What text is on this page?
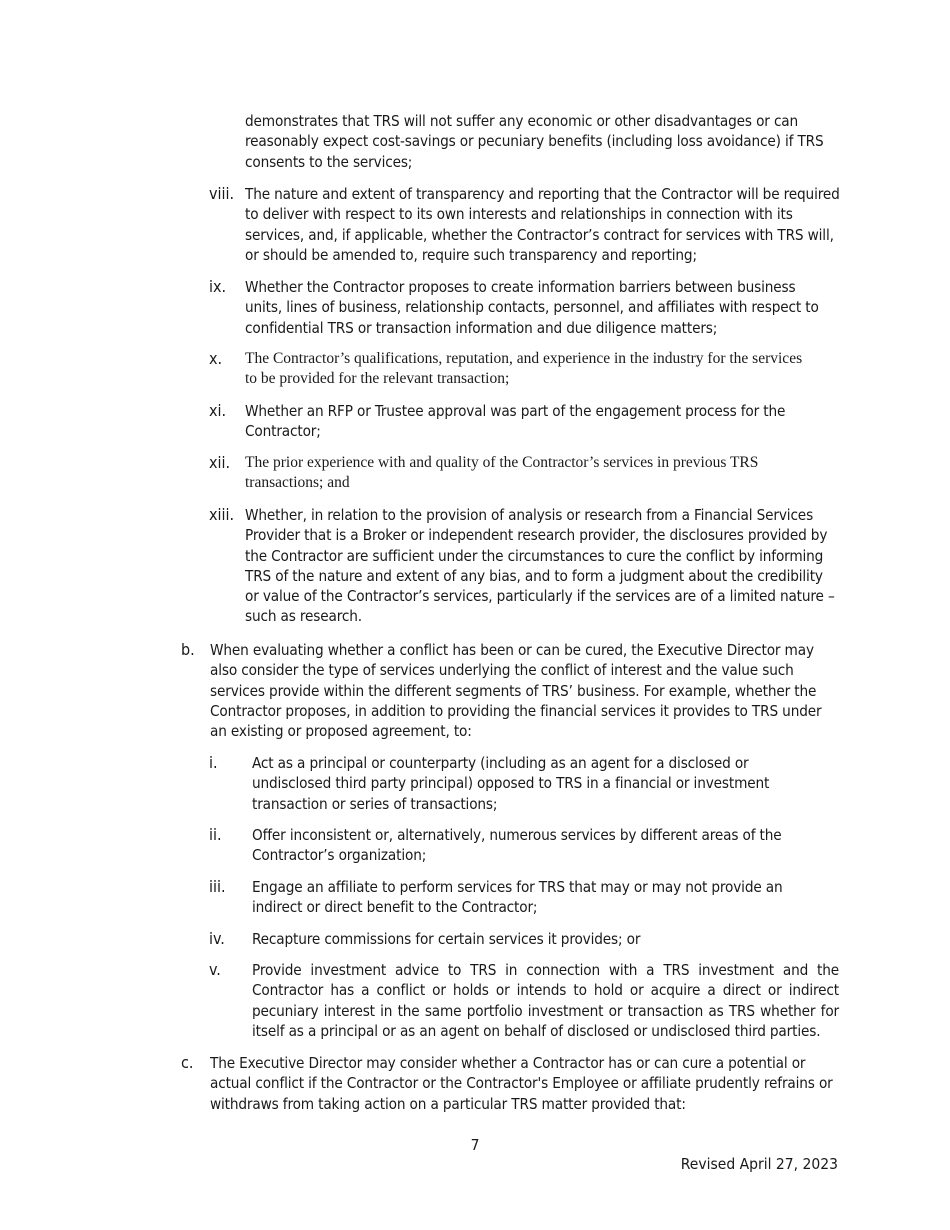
demonstrates that TRS will not suffer any economic or other disadvantages or can reasonably expect cost-savings or pecuniary benefits (including loss avoidance) if TRS consents to the services;
viii. The nature and extent of transparency and reporting that the Contractor will be required to deliver with respect to its own interests and relationships in connection with its services, and, if applicable, whether the Contractor’s contract for services with TRS will, or should be amended to, require such transparency and reporting;
ix. Whether the Contractor proposes to create information barriers between business units, lines of business, relationship contacts, personnel, and affiliates with respect to confidential TRS or transaction information and due diligence matters;
x. The Contractor’s qualifications, reputation, and experience in the industry for the services to be provided for the relevant transaction;
xi. Whether an RFP or Trustee approval was part of the engagement process for the Contractor;
xii. The prior experience with and quality of the Contractor’s services in previous TRS transactions; and
xiii. Whether, in relation to the provision of analysis or research from a Financial Services Provider that is a Broker or independent research provider, the disclosures provided by the Contractor are sufficient under the circumstances to cure the conflict by informing TRS of the nature and extent of any bias, and to form a judgment about the credibility or value of the Contractor’s services, particularly if the services are of a limited nature – such as research.
b. When evaluating whether a conflict has been or can be cured, the Executive Director may also consider the type of services underlying the conflict of interest and the value such services provide within the different segments of TRS’ business. For example, whether the Contractor proposes, in addition to providing the financial services it provides to TRS under an existing or proposed agreement, to:
i. Act as a principal or counterparty (including as an agent for a disclosed or undisclosed third party principal) opposed to TRS in a financial or investment transaction or series of transactions;
ii. Offer inconsistent or, alternatively, numerous services by different areas of the Contractor’s organization;
iii. Engage an affiliate to perform services for TRS that may or may not provide an indirect or direct benefit to the Contractor;
iv. Recapture commissions for certain services it provides; or
v. Provide investment advice to TRS in connection with a TRS investment and the Contractor has a conflict or holds or intends to hold or acquire a direct or indirect pecuniary interest in the same portfolio investment or transaction as TRS whether for itself as a principal or as an agent on behalf of disclosed or undisclosed third parties.
c. The Executive Director may consider whether a Contractor has or can cure a potential or actual conflict if the Contractor or the Contractor's Employee or affiliate prudently refrains or withdraws from taking action on a particular TRS matter provided that:
7
Revised April 27, 2023
